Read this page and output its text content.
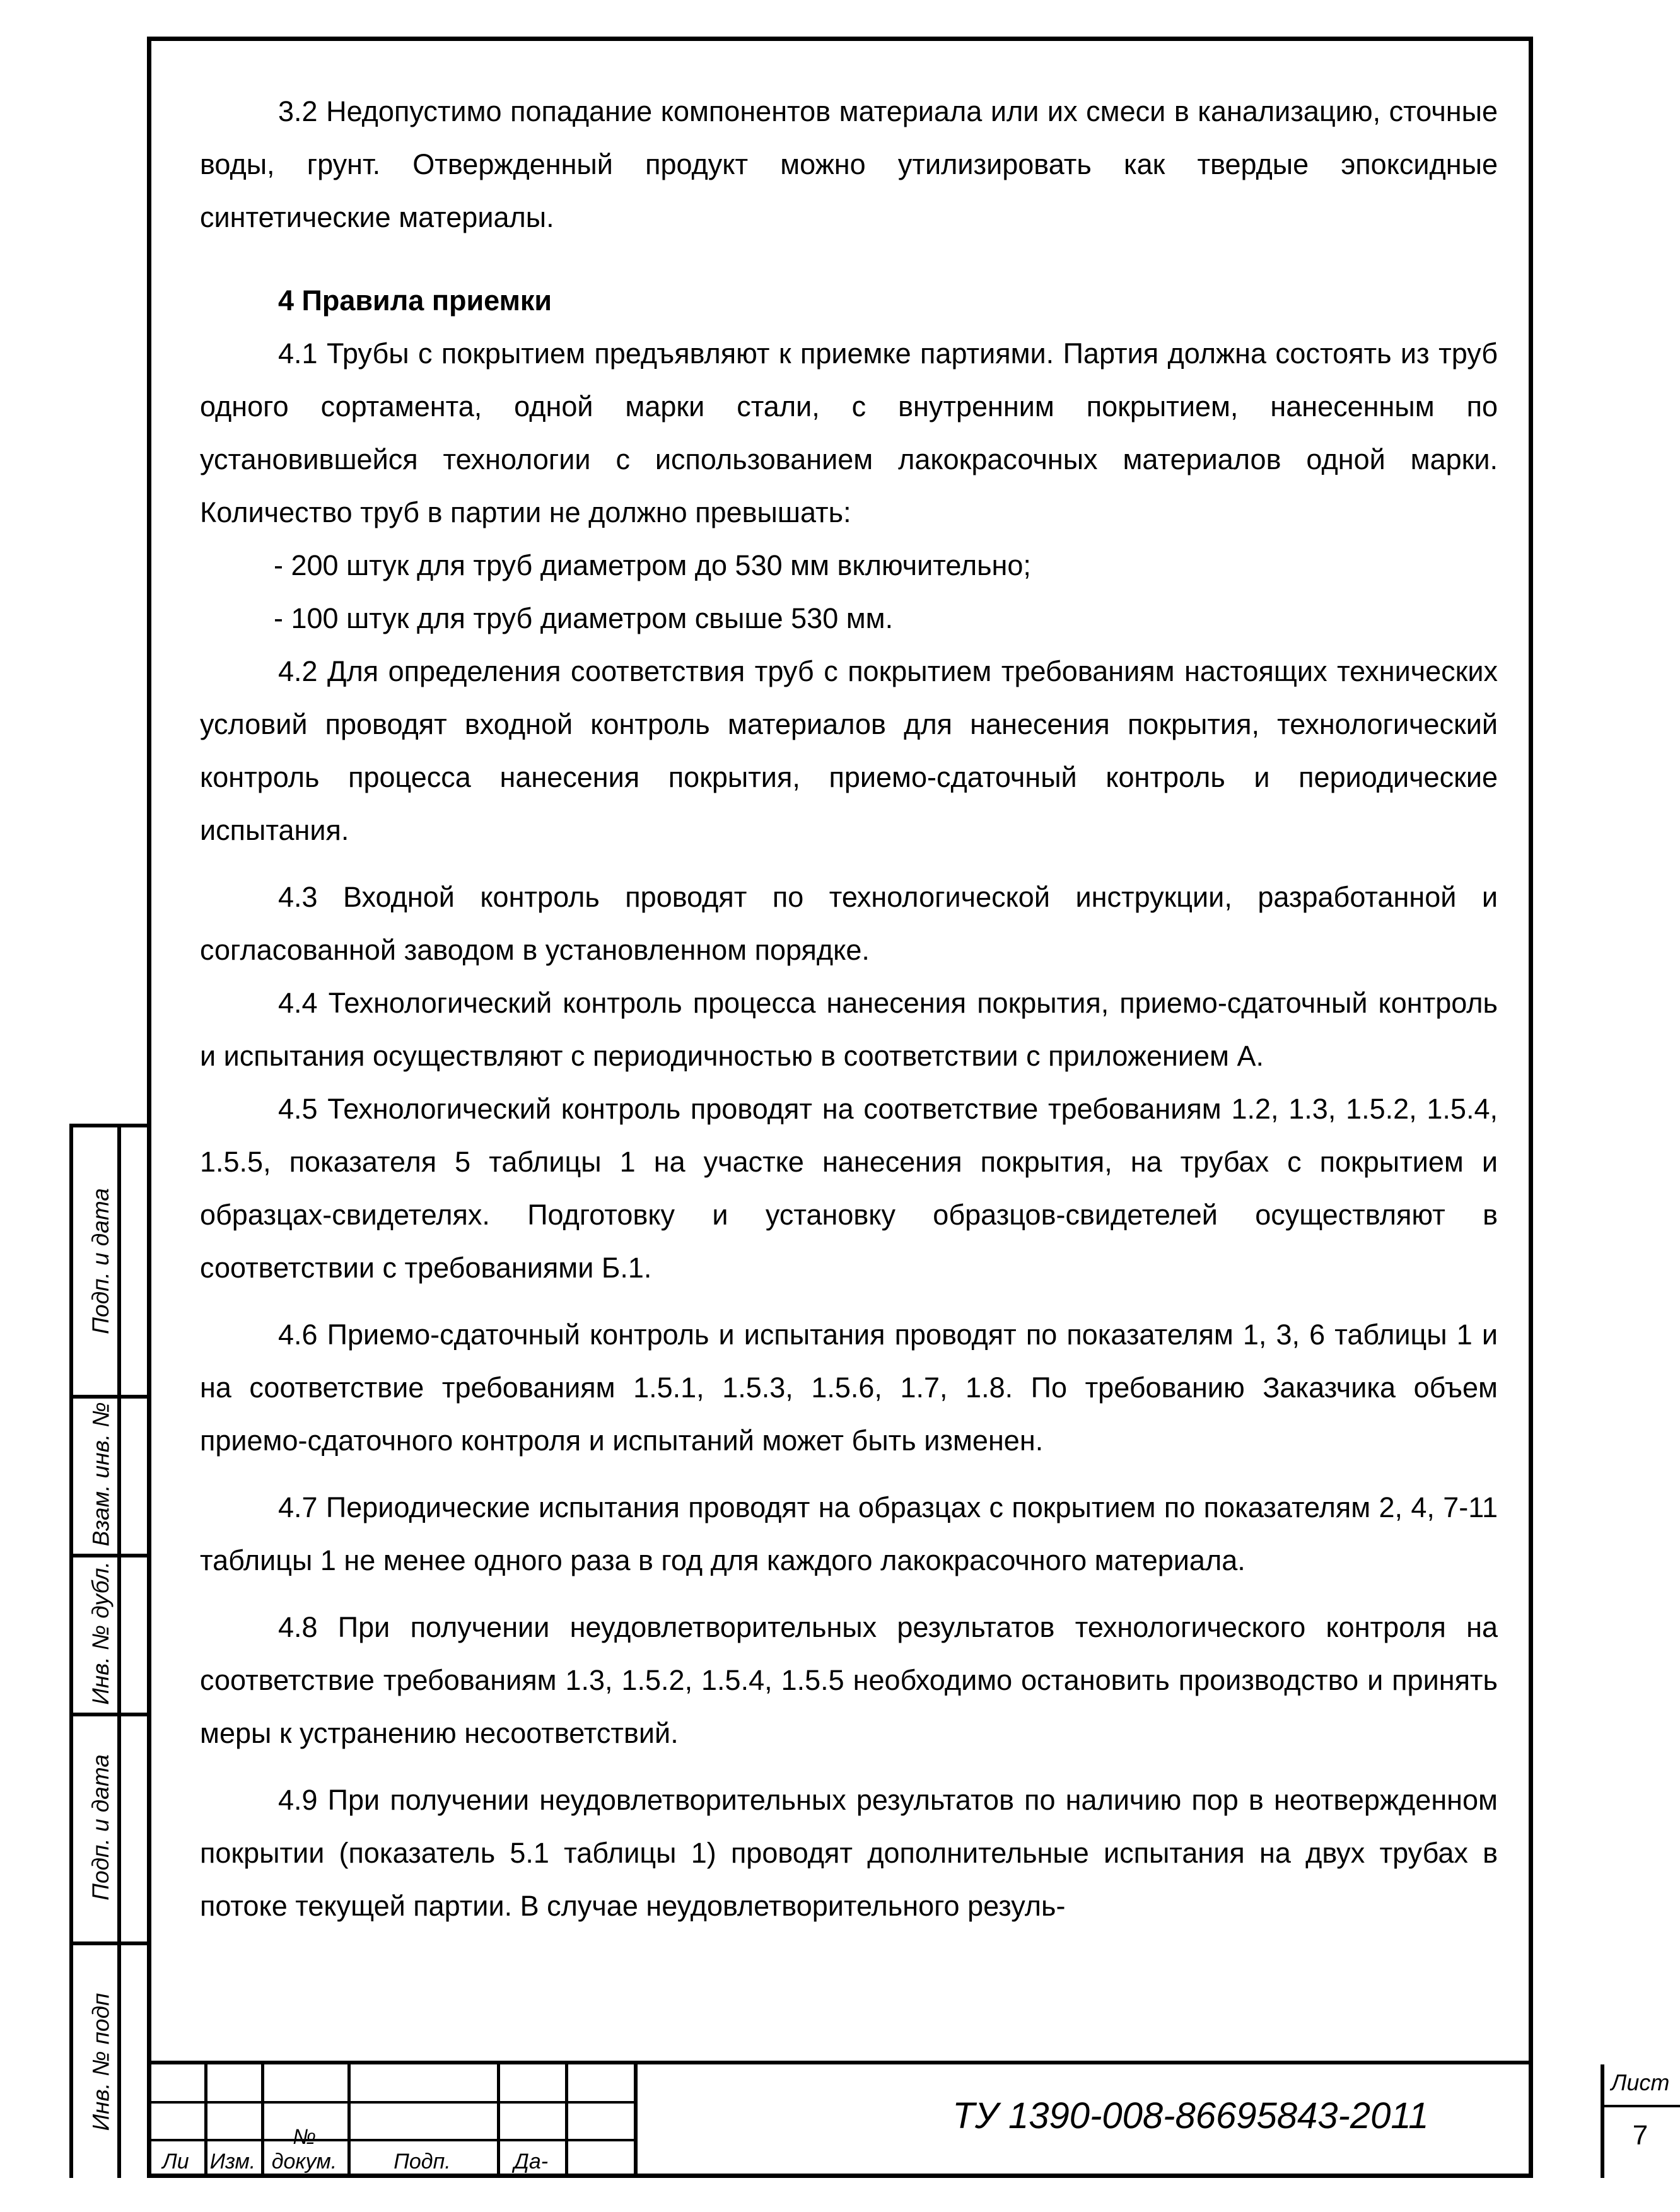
3.2 Недопустимо попадание компонентов материала или их смеси в канализацию, сточные воды, грунт. Отвержденный продукт можно утилизировать как твердые эпоксидные синтетические материалы.

4 Правила приемки

4.1 Трубы с покрытием предъявляют к приемке партиями. Партия должна состоять из труб одного сортамента, одной марки стали, с внутренним покрытием, нанесенным по установившейся технологии с использованием лакокрасочных материалов одной марки. Количество труб в партии не должно превышать:

- 200 штук для труб диаметром до 530 мм включительно;

- 100 штук для труб диаметром свыше 530 мм.

4.2 Для определения соответствия труб с покрытием требованиям настоящих технических условий проводят входной контроль материалов для нанесения покрытия, технологический контроль процесса нанесения покрытия, приемо-сдаточный контроль и периодические испытания.

4.3 Входной контроль проводят по технологической инструкции, разработанной и согласованной заводом в установленном порядке.

4.4 Технологический контроль процесса нанесения покрытия, приемо-сдаточный контроль и испытания осуществляют с периодичностью в соответствии с приложением А.

4.5 Технологический контроль проводят на соответствие требованиям 1.2, 1.3, 1.5.2, 1.5.4, 1.5.5, показателя 5 таблицы 1 на участке нанесения покрытия, на трубах с покрытием и образцах-свидетелях. Подготовку и установку образцов-свидетелей осуществляют в соответствии с требованиями Б.1.

4.6 Приемо-сдаточный контроль и испытания проводят по показателям 1, 3, 6 таблицы 1 и на соответствие требованиям 1.5.1, 1.5.3, 1.5.6, 1.7, 1.8. По требованию Заказчика объем приемо-сдаточного контроля и испытаний может быть изменен.

4.7 Периодические испытания проводят на образцах с покрытием по показателям 2, 4, 7-11 таблицы 1 не менее одного раза в год для каждого лакокрасочного материала.

4.8 При получении неудовлетворительных результатов технологического контроля на соответствие требованиям 1.3, 1.5.2, 1.5.4, 1.5.5 необходимо остановить производство и принять меры к устранению несоответствий.

4.9 При получении неудовлетворительных результатов по наличию пор в неотвержденном покрытии (показатель 5.1 таблицы 1) проводят дополнительные испытания на двух трубах в потоке текущей партии. В случае неудовлетворительного резуль-

Подп. и дата
Взам. инв. №
Инв. № дубл.
Подп. и дата
Инв. № подп
Ли Изм.
№ докум.	Подп.	Да-
ТУ 1390-008-86695843-2011
Лист
7
